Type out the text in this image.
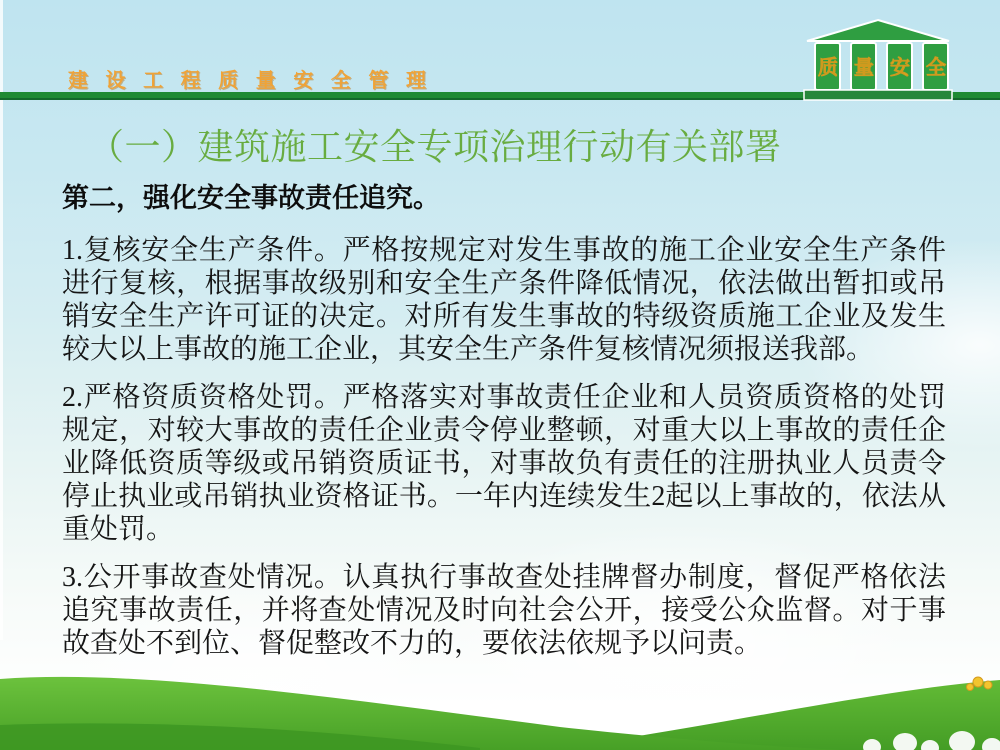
建 设 工 程 质 量 安 全 管 理
质 量 安 全
（一）建筑施工安全专项治理行动有关部署

第二，强化安全事故责任追究。

1.复核安全生产条件。严格按规定对发生事故的施工企业安全生产条件进行复核，根据事故级别和安全生产条件降低情况，依法做出暂扣或吊销安全生产许可证的决定。对所有发生事故的特级资质施工企业及发生较大以上事故的施工企业，其安全生产条件复核情况须报送我部。

2.严格资质资格处罚。严格落实对事故责任企业和人员资质资格的处罚规定，对较大事故的责任企业责令停业整顿，对重大以上事故的责任企业降低资质等级或吊销资质证书，对事故负有责任的注册执业人员责令停止执业或吊销执业资格证书。一年内连续发生2起以上事故的，依法从重处罚。

3.公开事故查处情况。认真执行事故查处挂牌督办制度，督促严格依法追究事故责任，并将查处情况及时向社会公开，接受公众监督。对于事故查处不到位、督促整改不力的，要依法依规予以问责。
